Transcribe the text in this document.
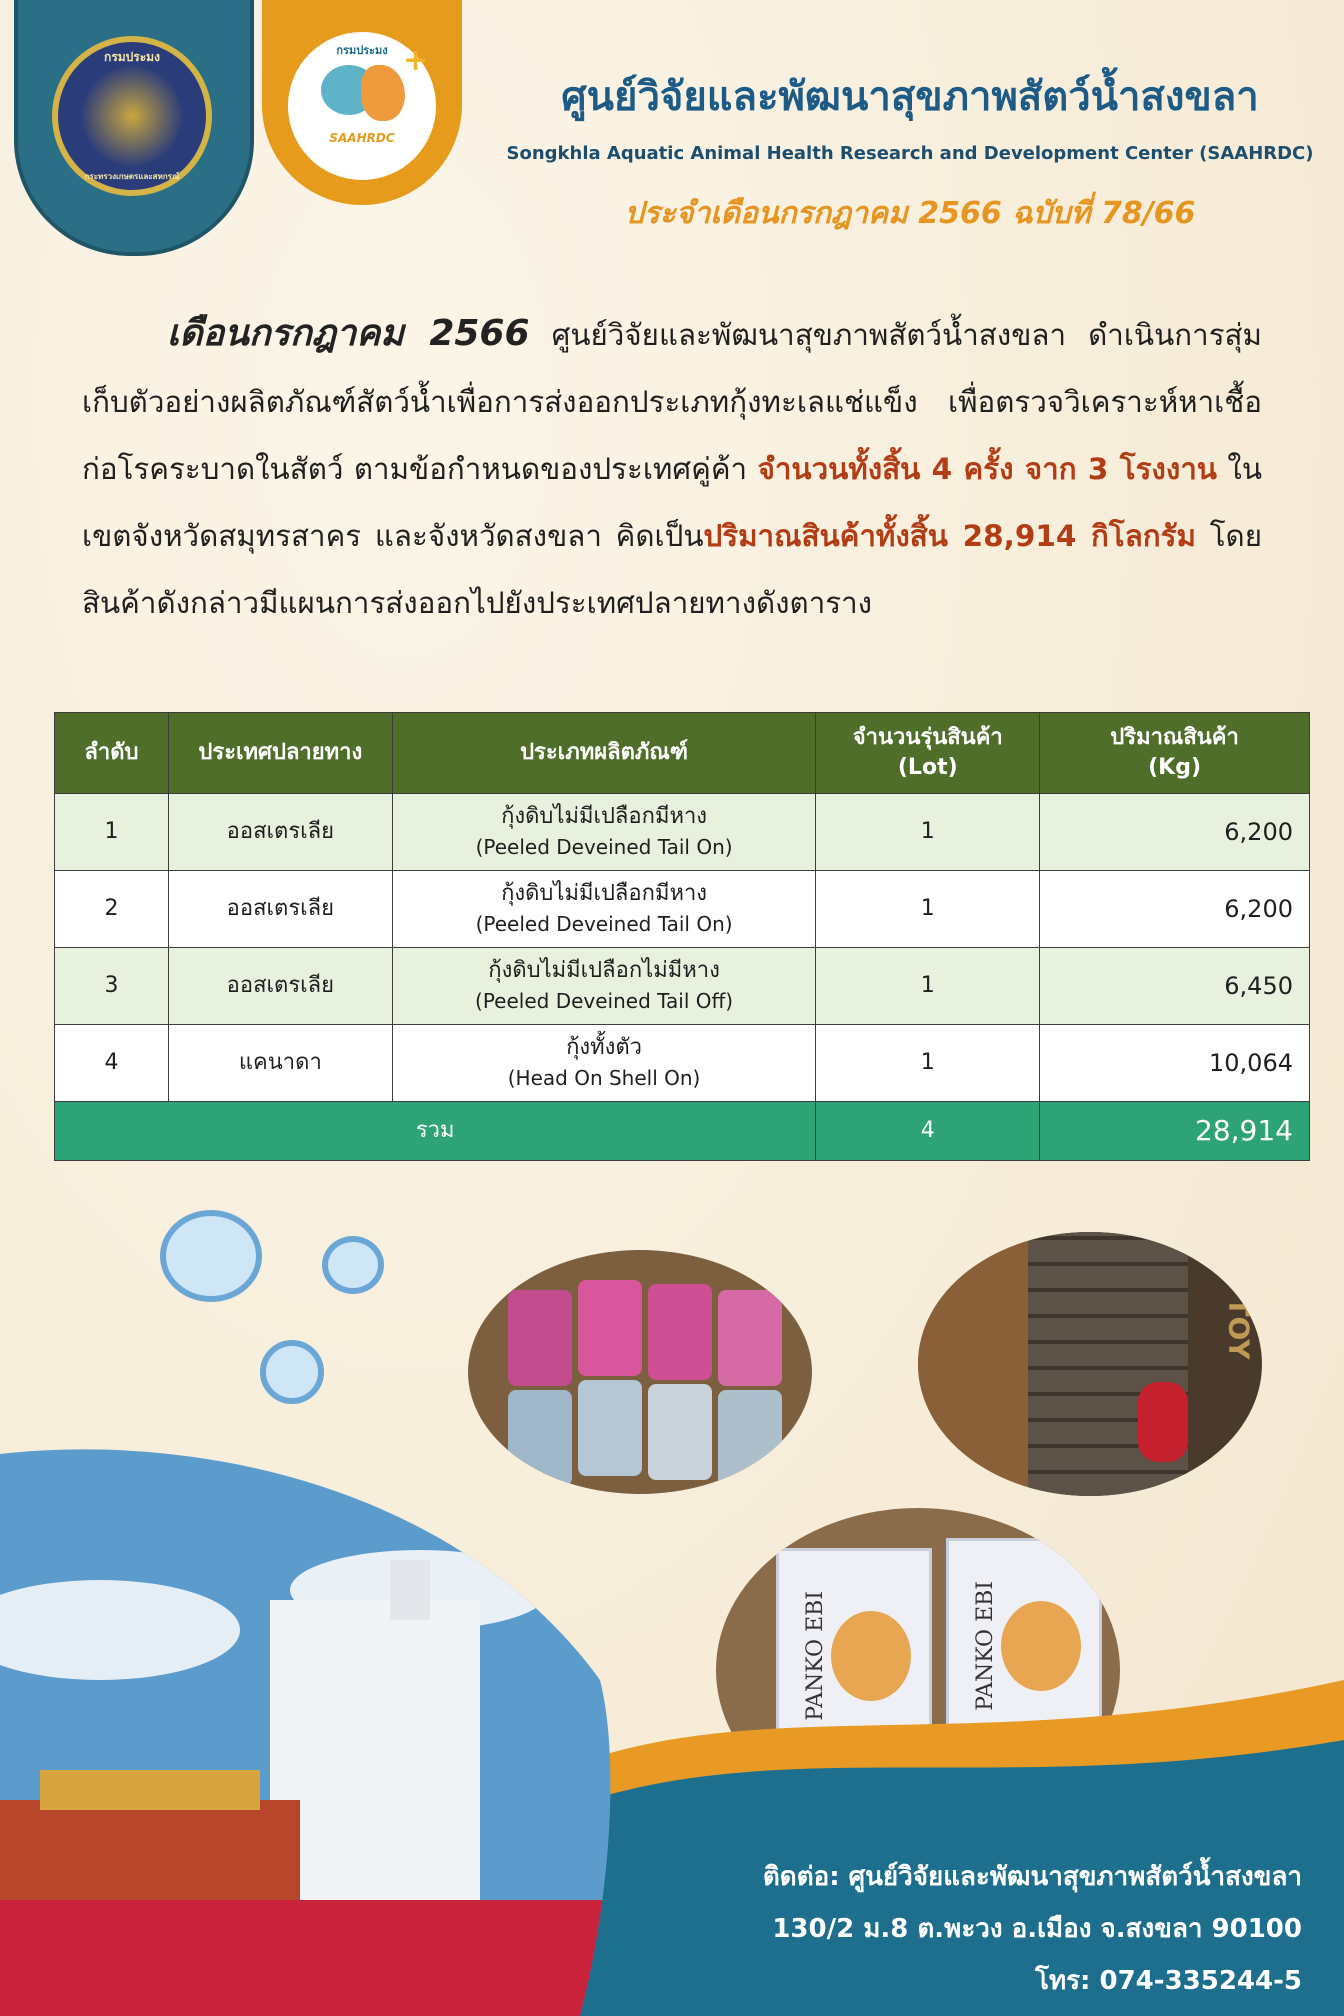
กรมประมง
กระทรวงเกษตรและสหกรณ์
กรมประมง +
SAAHRDC
ศูนย์วิจัยและพัฒนาสุขภาพสัตว์น้ำสงขลา
Songkhla Aquatic Animal Health Research and Development Center (SAAHRDC)
ประจำเดือนกรกฎาคม 2566 ฉบับที่ 78/66
เดือนกรกฎาคม 2566 ศูนย์วิจัยและพัฒนาสุขภาพสัตว์น้ำสงขลา ดำเนินการสุ่มเก็บตัวอย่างผลิตภัณฑ์สัตว์น้ำเพื่อการส่งออกประเภทกุ้งทะเลแช่แข็ง เพื่อตรวจวิเคราะห์หาเชื้อก่อโรคระบาดในสัตว์ ตามข้อกำหนดของประเทศคู่ค้า จำนวนทั้งสิ้น 4 ครั้ง จาก 3 โรงงาน ในเขตจังหวัดสมุทรสาคร และจังหวัดสงขลา คิดเป็นปริมาณสินค้าทั้งสิ้น 28,914 กิโลกรัม โดยสินค้าดังกล่าวมีแผนการส่งออกไปยังประเทศปลายทางดังตาราง
ลำดับ	ประเทศปลายทาง	ประเภทผลิตภัณฑ์	จำนวนรุ่นสินค้า
(Lot)	ปริมาณสินค้า
(Kg)
1	ออสเตรเลีย	กุ้งดิบไม่มีเปลือกมีหาง
(Peeled Deveined Tail On)	1	6,200
2	ออสเตรเลีย	กุ้งดิบไม่มีเปลือกมีหาง
(Peeled Deveined Tail On)	1	6,200
3	ออสเตรเลีย	กุ้งดิบไม่มีเปลือกไม่มีหาง
(Peeled Deveined Tail Off)	1	6,450
4	แคนาดา	กุ้งทั้งตัว
(Head On Shell On)	1	10,064
รวม			4	28,914
TOY
PANKO EBI	PANKO EBI
ติดต่อ: ศูนย์วิจัยและพัฒนาสุขภาพสัตว์น้ำสงขลา
130/2 ม.8 ต.พะวง อ.เมือง จ.สงขลา 90100
โทร: 074-335244-5
